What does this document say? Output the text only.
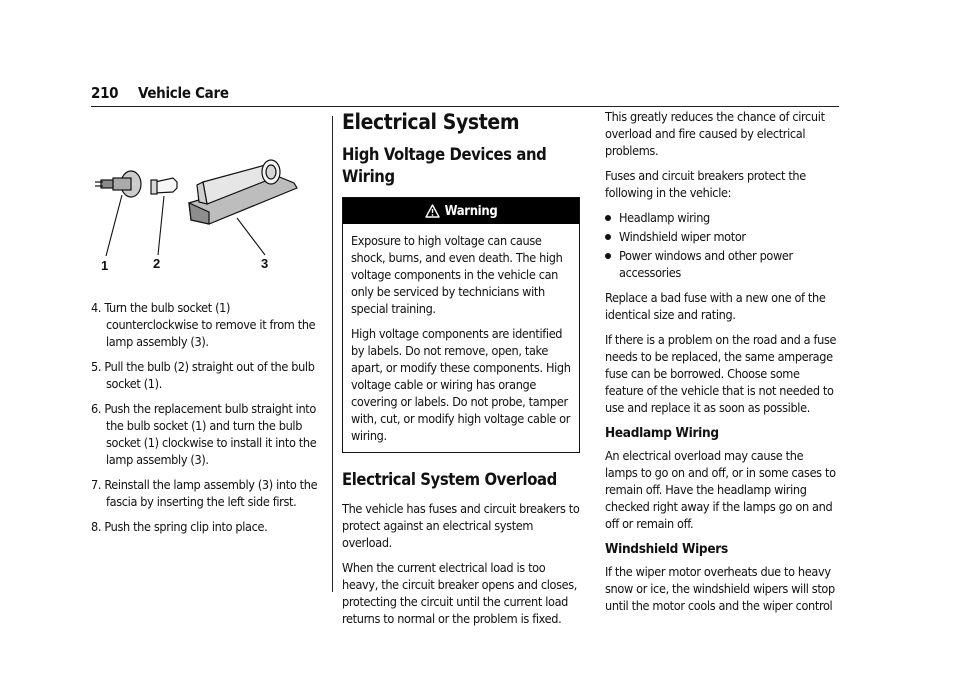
210 Vehicle Care
1	2	3
4. Turn the bulb socket (1) counterclockwise to remove it from the lamp assembly (3).
5. Pull the bulb (2) straight out of the bulb socket (1).
6. Push the replacement bulb straight into the bulb socket (1) and turn the bulb socket (1) clockwise to install it into the lamp assembly (3).
7. Reinstall the lamp assembly (3) into the fascia by inserting the left side first.
8. Push the spring clip into place.
Electrical System
High Voltage Devices and Wiring
Warning

Exposure to high voltage can cause shock, burns, and even death. The high voltage components in the vehicle can only be serviced by technicians with special training.

High voltage components are identified by labels. Do not remove, open, take apart, or modify these components. High voltage cable or wiring has orange covering or labels. Do not probe, tamper with, cut, or modify high voltage cable or wiring.

Electrical System Overload

The vehicle has fuses and circuit breakers to protect against an electrical system overload.

When the current electrical load is too heavy, the circuit breaker opens and closes, protecting the circuit until the current load returns to normal or the problem is fixed.

This greatly reduces the chance of circuit overload and fire caused by electrical problems.

Fuses and circuit breakers protect the following in the vehicle:

Headlamp wiring
Windshield wiper motor
Power windows and other power accessories

Replace a bad fuse with a new one of the identical size and rating.

If there is a problem on the road and a fuse needs to be replaced, the same amperage fuse can be borrowed. Choose some feature of the vehicle that is not needed to use and replace it as soon as possible.

Headlamp Wiring

An electrical overload may cause the lamps to go on and off, or in some cases to remain off. Have the headlamp wiring checked right away if the lamps go on and off or remain off.

Windshield Wipers

If the wiper motor overheats due to heavy snow or ice, the windshield wipers will stop until the motor cools and the wiper control
